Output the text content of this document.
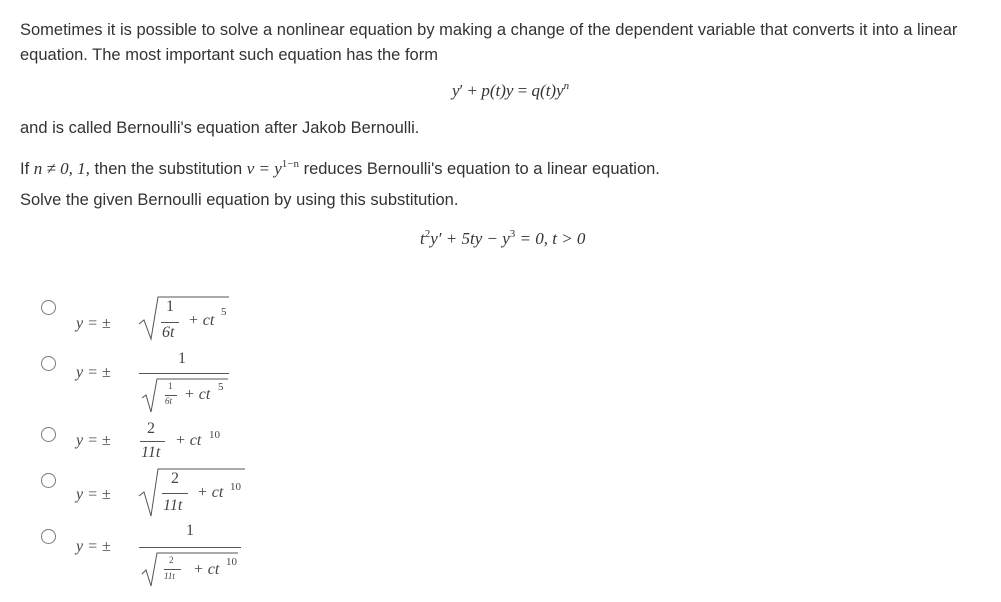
Sometimes it is possible to solve a nonlinear equation by making a change of the dependent variable that converts it into a linear
equation. The most important such equation has the form
$y' + p(t)y = q(t)y^n$
and is called Bernoulli's equation after Jakob Bernoulli.
If n ≠ 0, 1, then the substitution $v = y^{1-n}$ reduces Bernoulli's equation to a linear equation.
Solve the given Bernoulli equation by using this substitution.
$t^2y' + 5ty - y^3 = 0$, t > 0
y = ±
1
6t
+ ct 5
y = ±
1
1
6t + ct 5
y = ±
2
11t
+ ct 10
y = ±
2
11t
+ ct 10
y = ±
1
2
11t + ct 10
